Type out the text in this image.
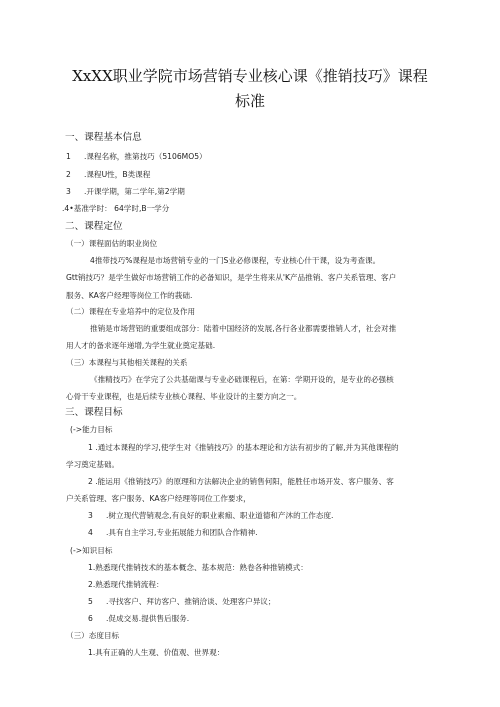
XxXX职业学院市场营销专业核心课《推销技巧》课程
标准
一、课程基本信息
1 .课程名称，推第技巧（5106MO5）
2 .课程U性，B类课程
3 .开课学期，第二学年,第2学期
.4•基准学时： 64学时,B一学分
二、课程定位
（一）课程面估的职业岗位
4推带技巧%课程是市场营销专业的一门S业必修课程，专业核心什干课，设为考查课。
Gtt销技巧？是学生做好市场营销工作的必备知识，是学生将来从'K产品推销、客户关系管理、客户
服务、KA客户经理等岗位工作的莪础.
（二）课程在专业培养中的定位及作用
推销是市场营铝的重要组成部分：陆着中国经济的发展,各行各业都需要推销人才，社会对推
用人才的备求逐年递增,为学生就业奠定基础.
（三）本课程与其他相关课程的关系
《推精技巧》在学完了公共基础课与专业必础课程后，在第：学期开设的，是专业的必强核
心骨干专业课程，也是后续专业核心课程、毕业设计的主要方向之一。
三、课程目标
(->能力目标
1 .通过本课程的学习,使学生对《推销技巧》的基本理论和方法有初步的了解,并为其他课程的
学习奠定基础。
2 .能运用《推销技巧》的原理和方法解决企业的销售何阳，能胜任市场开发、客户服务、客
户关系管理、客户服务、KA客户经理等同位工作要求，
3 .树立现代营销观念,有良好的职业素痂、职业道德和产沐的工作态度.
4 .具有自主学习,专业拓展能力和团队合作精神.
(->知识目标
1.熟悉现代推销技术的基本概念、基本规范：熟卷各种推销模式：
2.熟悉现代推销流程：
5 .寻找客户、拜访客户、推销洽谈、处理客户异议；
6 .促成交易.提供售后服务.
（三）态度目标
1.具有正确的人生观、价值观、世界观：
